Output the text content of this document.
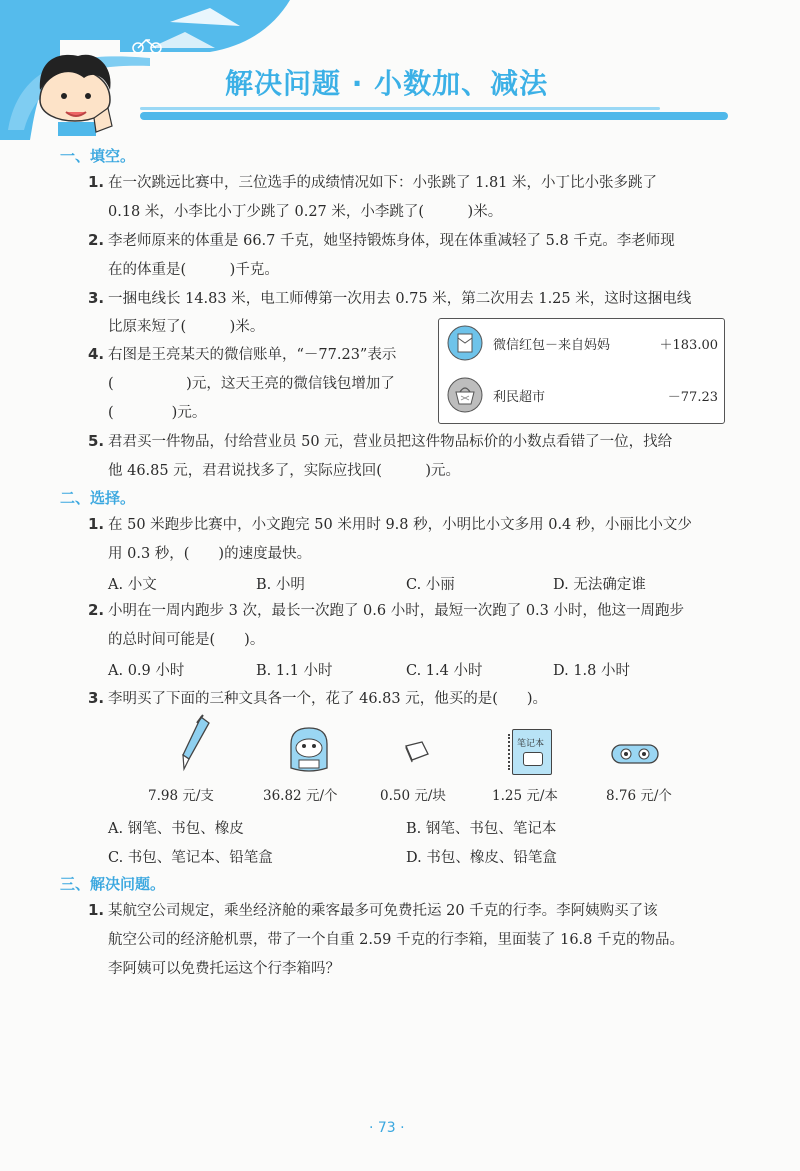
解决问题 · 小数加、减法
一、填空。
1. 在一次跳远比赛中，三位选手的成绩情况如下：小张跳了 1.81 米，小丁比小张多跳了
0.18 米，小李比小丁少跳了 0.27 米，小李跳了(　　　)米。
2. 李老师原来的体重是 66.7 千克，她坚持锻炼身体，现在体重减轻了 5.8 千克。李老师现
在的体重是(　　　)千克。
3. 一捆电线长 14.83 米，电工师傅第一次用去 0.75 米，第二次用去 1.25 米，这时这捆电线
比原来短了(　　　)米。
4. 右图是王亮某天的微信账单，“－77.23”表示
(　　　　　)元，这天王亮的微信钱包增加了
(　　　　)元。
微信红包－来自妈妈	＋183.00
利民超市	－77.23
5. 君君买一件物品，付给营业员 50 元，营业员把这件物品标价的小数点看错了一位，找给
他 46.85 元，君君说找多了，实际应找回(　　　)元。
二、选择。
1. 在 50 米跑步比赛中，小文跑完 50 米用时 9.8 秒，小明比小文多用 0.4 秒，小丽比小文少
用 0.3 秒，(　　)的速度最快。
A. 小文	B. 小明	C. 小丽	D. 无法确定谁
2. 小明在一周内跑步 3 次，最长一次跑了 0.6 小时，最短一次跑了 0.3 小时，他这一周跑步
的总时间可能是(　　)。
A. 0.9 小时	B. 1.1 小时	C. 1.4 小时	D. 1.8 小时
3. 李明买了下面的三种文具各一个，花了 46.83 元，他买的是(　　)。
笔记本
7.98 元/支	36.82 元/个	0.50 元/块	1.25 元/本	8.76 元/个
A. 钢笔、书包、橡皮	B. 钢笔、书包、笔记本
C. 书包、笔记本、铅笔盒	D. 书包、橡皮、铅笔盒
三、解决问题。
1. 某航空公司规定，乘坐经济舱的乘客最多可免费托运 20 千克的行李。李阿姨购买了该
航空公司的经济舱机票，带了一个自重 2.59 千克的行李箱，里面装了 16.8 千克的物品。
李阿姨可以免费托运这个行李箱吗？
· 73 ·
